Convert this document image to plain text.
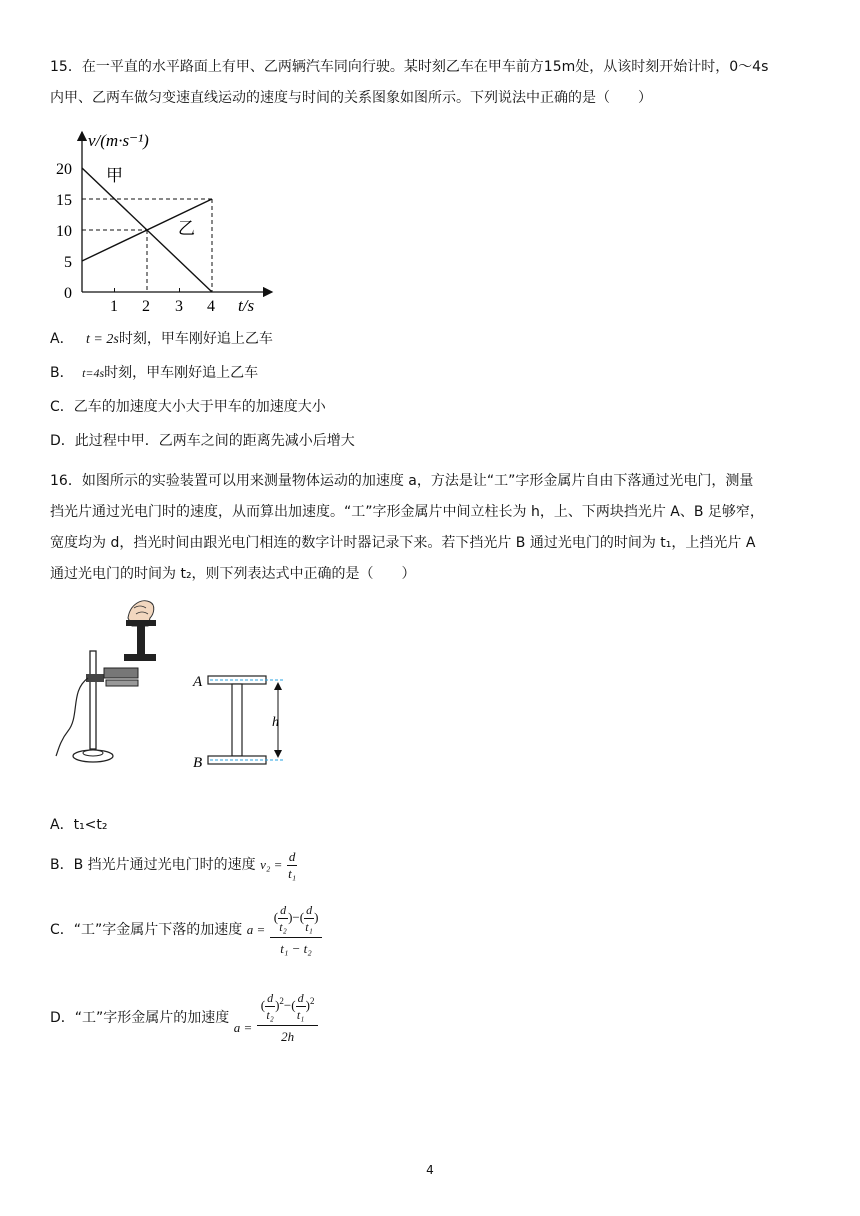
15．在一平直的水平路面上有甲、乙两辆汽车同向行驶。某时刻乙车在甲车前方15m处，从该时刻开始计时，0～4s

内甲、乙两车做匀变速直线运动的速度与时间的关系图象如图所示。下列说法中正确的是（　　）

v/(m·s⁻¹)
t/s
0
5
10
15
20
1 2 3 4
甲
乙
A． t = 2s时刻，甲车刚好追上乙车
B． t=4s时刻，甲车刚好追上乙车
C．乙车的加速度大小大于甲车的加速度大小
D．此过程中甲．乙两车之间的距离先减小后增大

16．如图所示的实验装置可以用来测量物体运动的加速度 a，方法是让“工”字形金属片自由下落通过光电门，测量

挡光片通过光电门时的速度，从而算出加速度。“工”字形金属片中间立柱长为 h，上、下两块挡光片 A、B 足够窄，

宽度均为 d，挡光时间由跟光电门相连的数字计时器记录下来。若下挡光片 B 通过光电门的时间为 t₁，上挡光片 A

通过光电门的时间为 t₂，则下列表达式中正确的是（　　）

A
B
h
A．t₁<t₂
B．B 挡光片通过光电门时的速度 $v_2 = \frac{d}{\text{t₁}}$
C．“工”字金属片下落的加速度 $a = \frac{( \frac{d}{\text{t₂}} )-( \frac{d}{\text{t₁}} )}{\text{t₁ − t₂}}$
D．“工”字形金属片的加速度 $a = \frac{( \frac{d}{\text{t₂}} )^2-( \frac{d}{\text{t₁}} )^2}{2h}$
4
